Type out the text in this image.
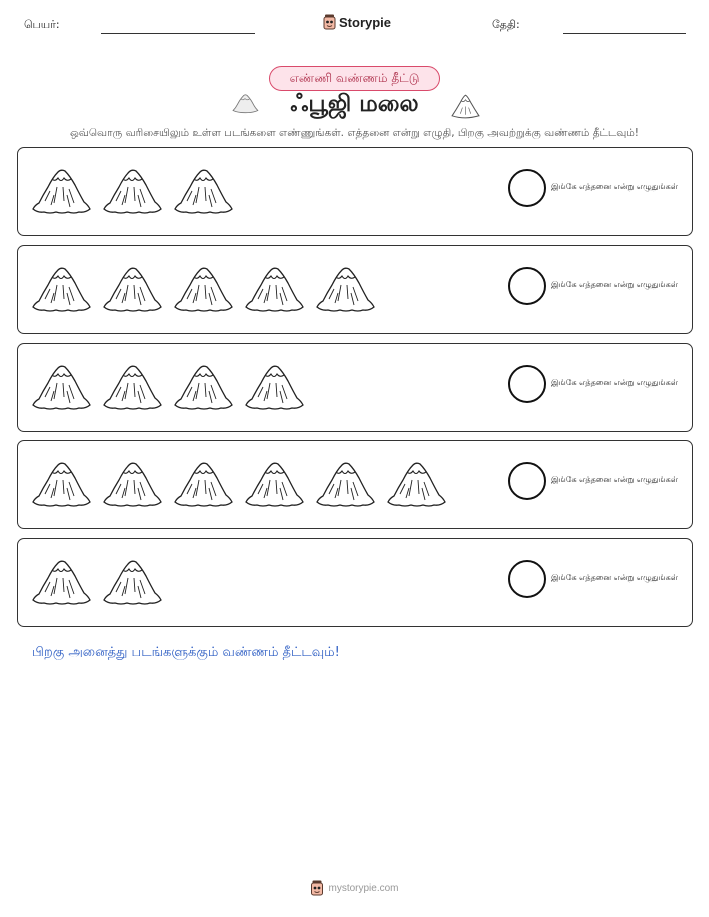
பெயர்:	Storypie	தேதி:
எண்ணி வண்ணம் தீட்டு
ஃபூஜி மலை
ஒவ்வொரு வரிசையிலும் உள்ள படங்களை எண்ணுங்கள். எத்தனை என்று எழுதி, பிறகு அவற்றுக்கு வண்ணம் தீட்டவும்!
இங்கே எத்தனை என்று எழுதுங்கள்
இங்கே எத்தனை என்று எழுதுங்கள்
இங்கே எத்தனை என்று எழுதுங்கள்
இங்கே எத்தனை என்று எழுதுங்கள்
இங்கே எத்தனை என்று எழுதுங்கள்
பிறகு அனைத்து படங்களுக்கும் வண்ணம் தீட்டவும்!
mystorypie.com
